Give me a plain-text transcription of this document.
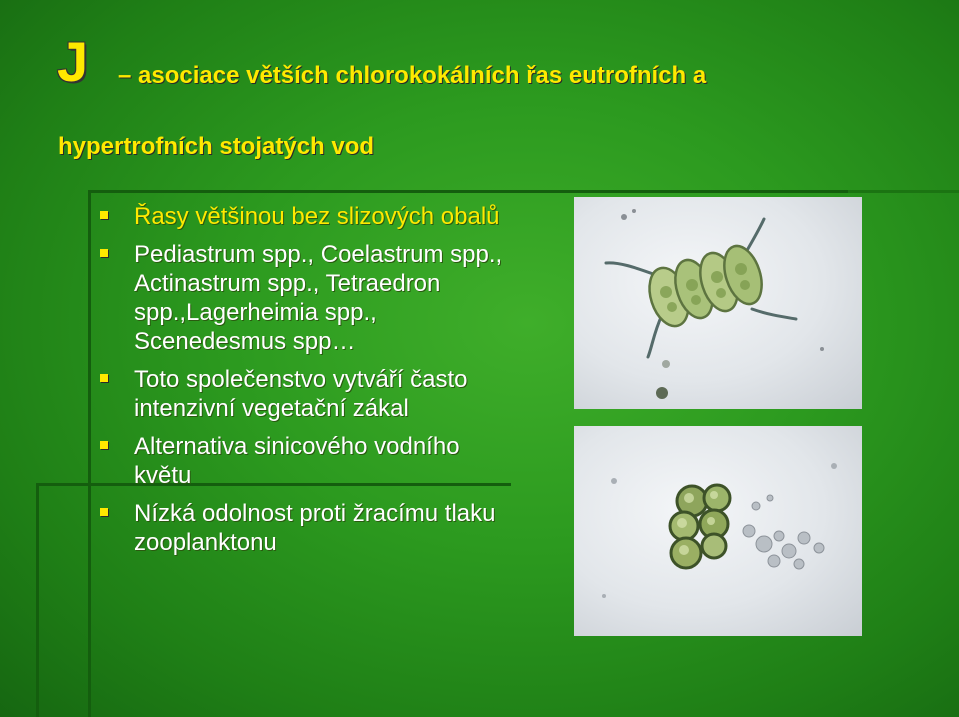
J – asociace větších chlorokokálních řas eutrofních a
hypertrofních stojatých vod
Řasy většinou bez slizových obalů
Pediastrum spp., Coelastrum spp., Actinastrum spp., Tetraedron spp.,Lagerheimia spp., Scenedesmus spp…
Toto společenstvo vytváří často intenzivní vegetační zákal
Alternativa sinicového vodního květu
Nízká odolnost proti žracímu tlaku zooplanktonu
